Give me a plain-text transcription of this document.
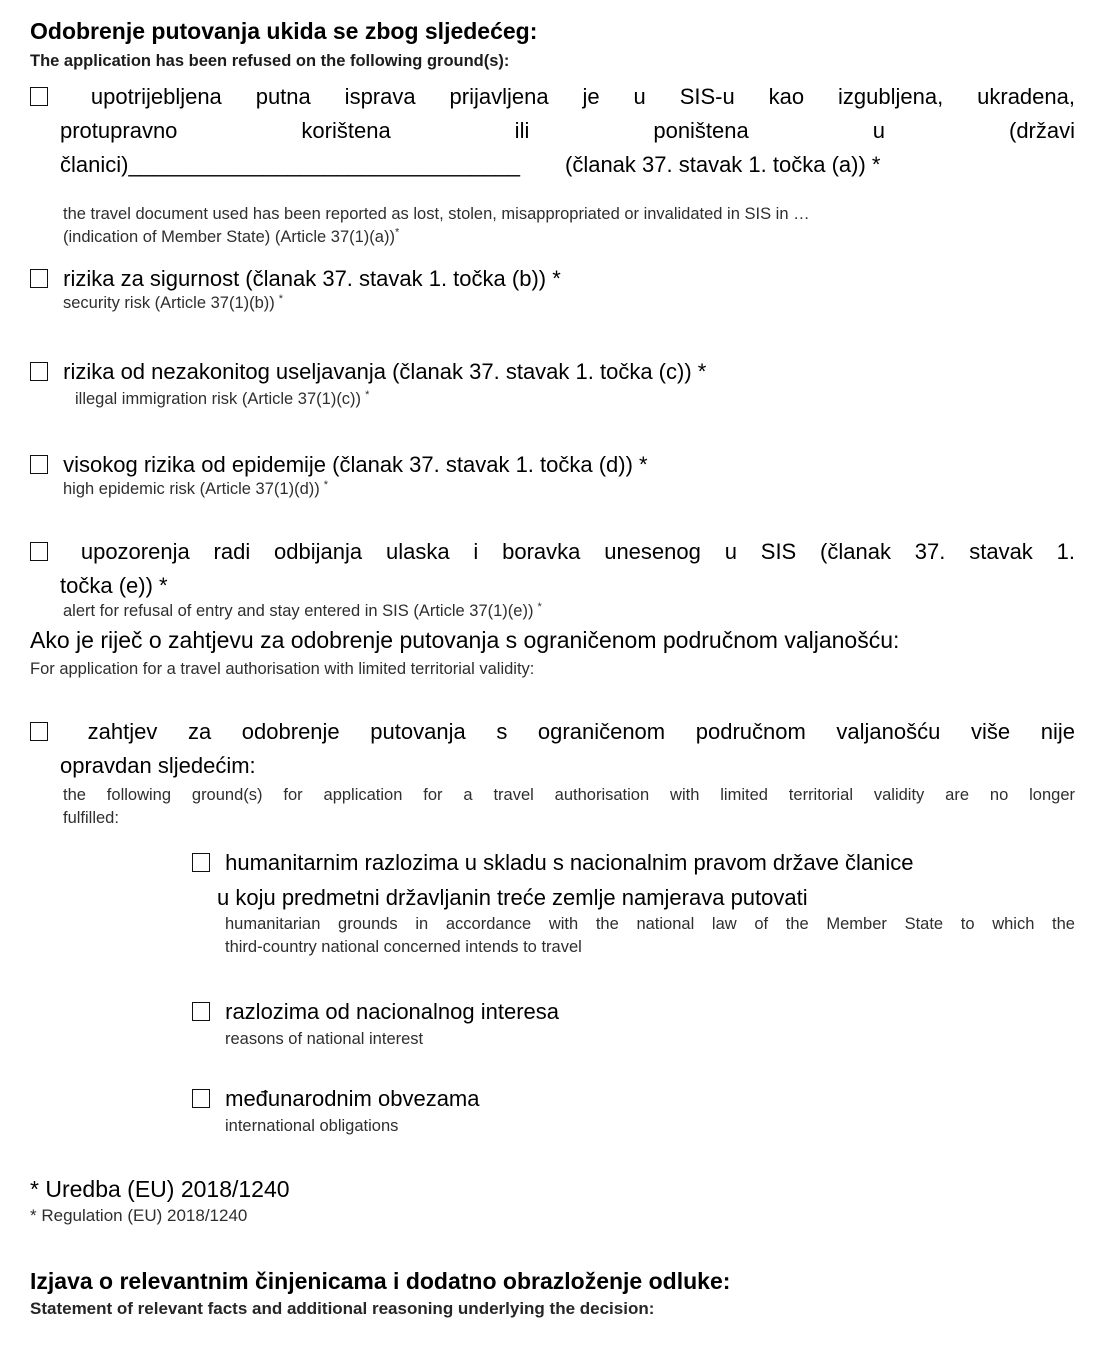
Odobrenje putovanja ukida se zbog sljedećeg:
The application has been refused on the following ground(s):
upotrijebljena putna isprava prijavljena je u SIS-u kao izgubljena, ukradena,
protupravno korištena ili poništena u (državi
članici)________________________________ (članak 37. stavak 1. točka (a)) *
the travel document used has been reported as lost, stolen, misappropriated or invalidated in SIS in …
(indication of Member State) (Article 37(1)(a))*
rizika za sigurnost (članak 37. stavak 1. točka (b)) *
security risk (Article 37(1)(b)) *
rizika od nezakonitog useljavanja (članak 37. stavak 1. točka (c)) *
illegal immigration risk (Article 37(1)(c)) *
visokog rizika od epidemije (članak 37. stavak 1. točka (d)) *
high epidemic risk (Article 37(1)(d)) *
upozorenja radi odbijanja ulaska i boravka unesenog u SIS (članak 37. stavak 1.
točka (e)) *
alert for refusal of entry and stay entered in SIS (Article 37(1)(e)) *
Ako je riječ o zahtjevu za odobrenje putovanja s ograničenom područnom valjanošću:
For application for a travel authorisation with limited territorial validity:
zahtjev za odobrenje putovanja s ograničenom područnom valjanošću više nije
opravdan sljedećim:
the following ground(s) for application for a travel authorisation with limited territorial validity are no longer
fulfilled:
humanitarnim razlozima u skladu s nacionalnim pravom države članice
u koju predmetni državljanin treće zemlje namjerava putovati
humanitarian grounds in accordance with the national law of the Member State to which the
third-country national concerned intends to travel
razlozima od nacionalnog interesa
reasons of national interest
međunarodnim obvezama
international obligations
* Uredba (EU) 2018/1240
* Regulation (EU) 2018/1240
Izjava o relevantnim činjenicama i dodatno obrazloženje odluke:
Statement of relevant facts and additional reasoning underlying the decision:
